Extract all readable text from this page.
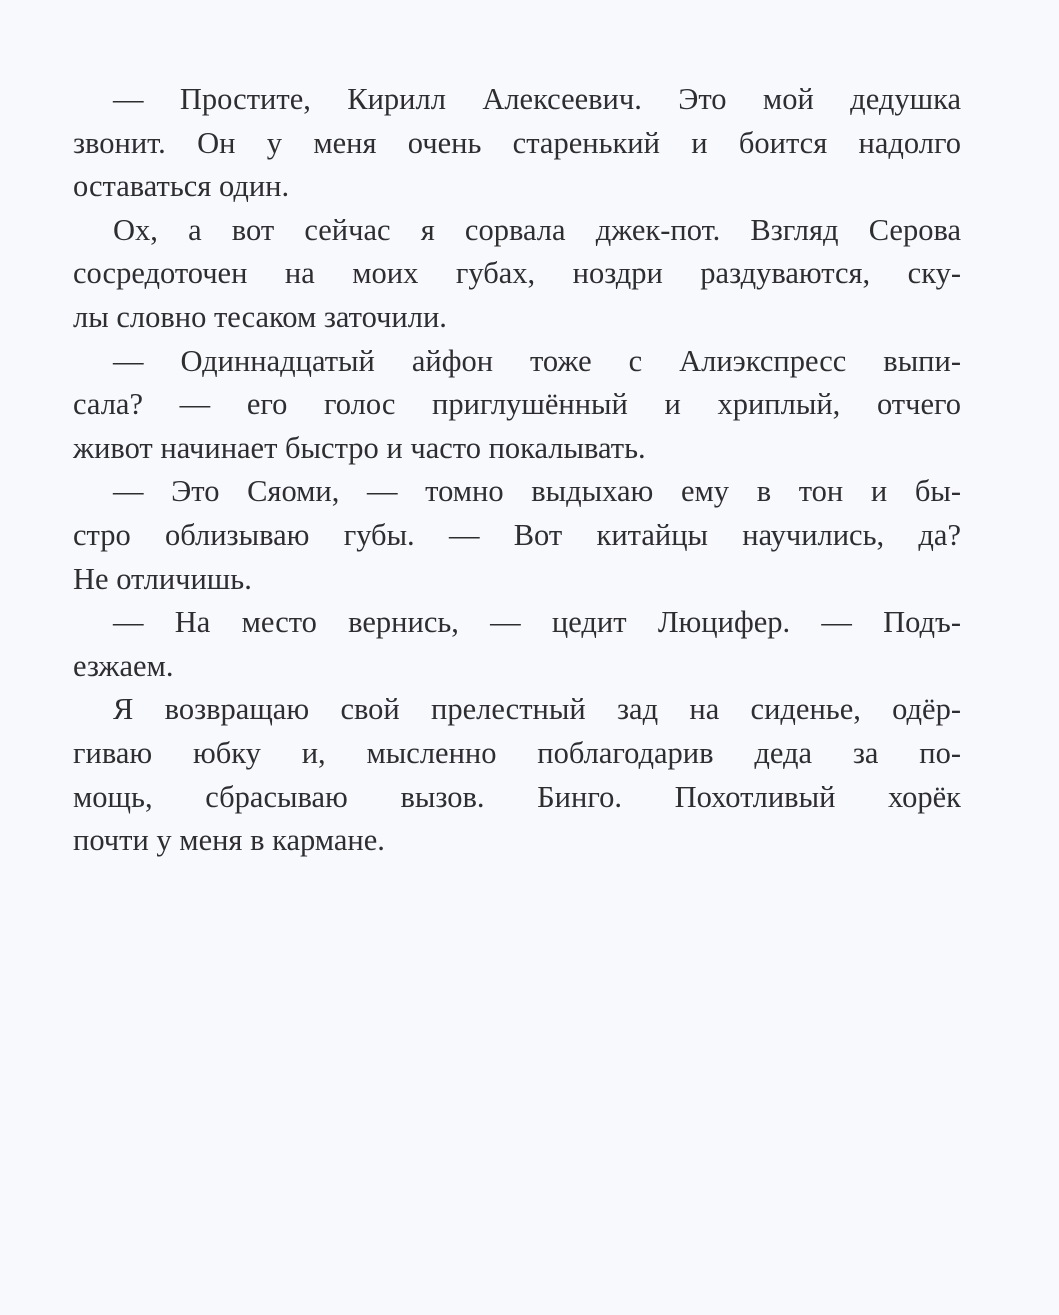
— Простите, Кирилл Алексеевич. Это мой дедушка
звонит. Он у меня очень старенький и боится надолго
оставаться один.
Ох, а вот сейчас я сорвала джек-пот. Взгляд Серова
сосредоточен на моих губах, ноздри раздуваются, ску-
лы словно тесаком заточили.
— Одиннадцатый айфон тоже с Алиэкспресс выпи-
сала? — его голос приглушённый и хриплый, отчего
живот начинает быстро и часто покалывать.
— Это Сяоми, — томно выдыхаю ему в тон и бы-
стро облизываю губы. — Вот китайцы научились, да?
Не отличишь.
— На место вернись, — цедит Люцифер. — Подъ-
езжаем.
Я возвращаю свой прелестный зад на сиденье, одёр-
гиваю юбку и, мысленно поблагодарив деда за по-
мощь, сбрасываю вызов. Бинго. Похотливый хорёк
почти у меня в кармане.
